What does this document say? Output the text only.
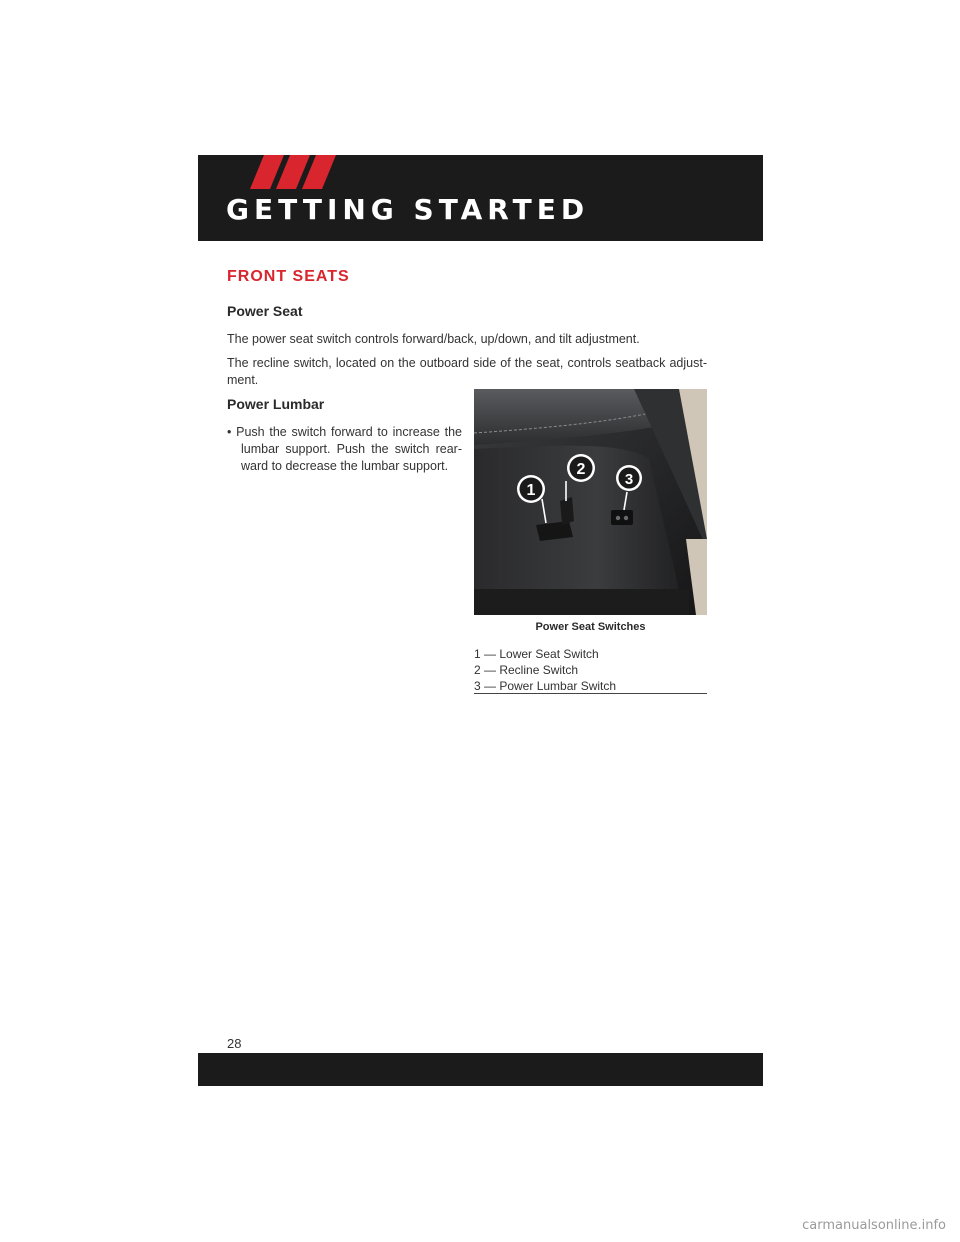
GETTING STARTED
FRONT SEATS
Power Seat
The power seat switch controls forward/back, up/down, and tilt adjustment.
The recline switch, located on the outboard side of the seat, controls seatback adjust-ment.
Power Lumbar
• Push the switch forward to increase the lumbar support. Push the switch rear-ward to decrease the lumbar support.
1
2
3
Power Seat Switches
1 — Lower Seat Switch
2 — Recline Switch
3 — Power Lumbar Switch
28
carmanualsonline.info
